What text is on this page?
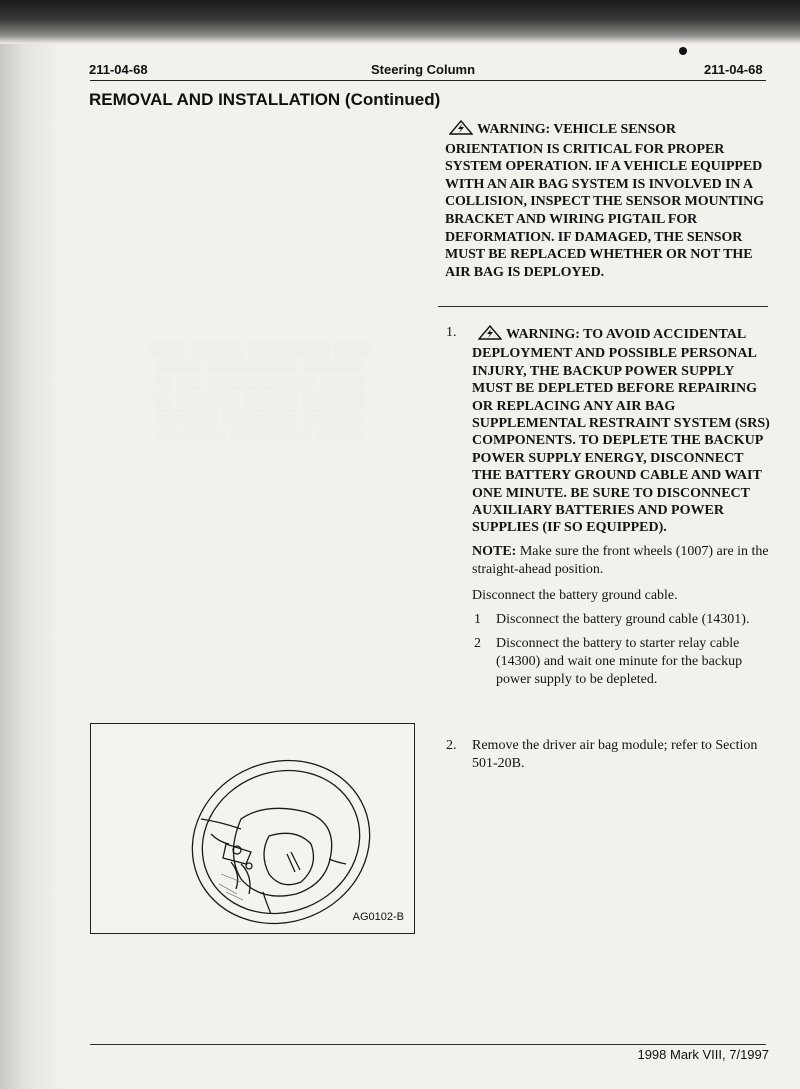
211-04-68	Steering Column	211-04-68
REMOVAL AND INSTALLATION (Continued)
░░░░ ░░░░░░░░░ ░░░░░░ ░░░░
░░░░░░░ ░░░░░░░░░░ ░░░░░
░░░░░ ░░░░░░░░░░░░ ░░░ ░░
░░░░░░░ ░░░░░░ ░░░░░░░ ░░
░░░░░░░ ░░░░░░░░ ░░░░░░░
░░░░░ ░░░░░░░░░ ░░░░░ ░░
WARNING: VEHICLE SENSOR ORIENTATION IS CRITICAL FOR PROPER SYSTEM OPERATION. IF A VEHICLE EQUIPPED WITH AN AIR BAG SYSTEM IS INVOLVED IN A COLLISION, INSPECT THE SENSOR MOUNTING BRACKET AND WIRING PIGTAIL FOR DEFORMATION. IF DAMAGED, THE SENSOR MUST BE REPLACED WHETHER OR NOT THE AIR BAG IS DEPLOYED.
1.	WARNING: TO AVOID ACCIDENTAL DEPLOYMENT AND POSSIBLE PERSONAL INJURY, THE BACKUP POWER SUPPLY MUST BE DEPLETED BEFORE REPAIRING OR REPLACING ANY AIR BAG SUPPLEMENTAL RESTRAINT SYSTEM (SRS) COMPONENTS. TO DEPLETE THE BACKUP POWER SUPPLY ENERGY, DISCONNECT THE BATTERY GROUND CABLE AND WAIT ONE MINUTE. BE SURE TO DISCONNECT AUXILIARY BATTERIES AND POWER SUPPLIES (IF SO EQUIPPED).
NOTE: Make sure the front wheels (1007) are in the straight-ahead position.
Disconnect the battery ground cable.
1 Disconnect the battery ground cable (14301).
2 Disconnect the battery to starter relay cable (14300) and wait one minute for the backup power supply to be depleted.
2. Remove the driver air bag module; refer to Section 501-20B.
AG0102-B
1998 Mark VIII, 7/1997
